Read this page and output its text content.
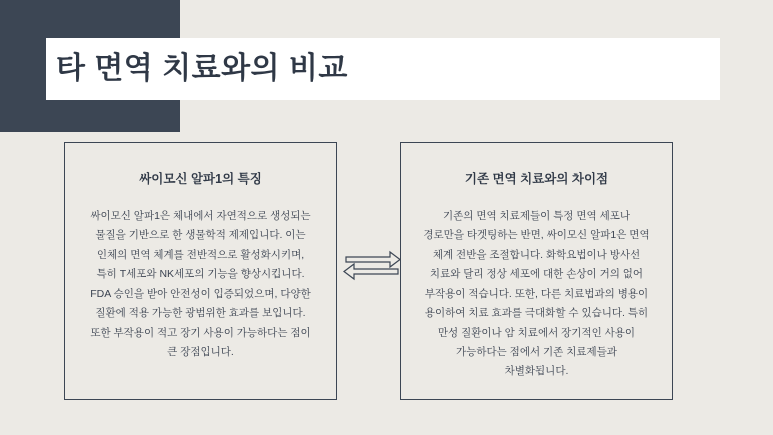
타 면역 치료와의 비교
싸이모신 알파1의 특징
싸이모신 알파1은 체내에서 자연적으로 생성되는 물질을 기반으로 한 생물학적 제제입니다. 이는 인체의 면역 체계를 전반적으로 활성화시키며, 특히 T세포와 NK세포의 기능을 향상시킵니다. FDA 승인을 받아 안전성이 입증되었으며, 다양한 질환에 적용 가능한 광범위한 효과를 보입니다. 또한 부작용이 적고 장기 사용이 가능하다는 점이 큰 장점입니다.
기존 면역 치료와의 차이점
기존의 면역 치료제들이 특정 면역 세포나 경로만을 타겟팅하는 반면, 싸이모신 알파1은 면역 체계 전반을 조절합니다. 화학요법이나 방사선 치료와 달리 정상 세포에 대한 손상이 거의 없어 부작용이 적습니다. 또한, 다른 치료법과의 병용이 용이하여 치료 효과를 극대화할 수 있습니다. 특히 만성 질환이나 암 치료에서 장기적인 사용이 가능하다는 점에서 기존 치료제들과 차별화됩니다.
